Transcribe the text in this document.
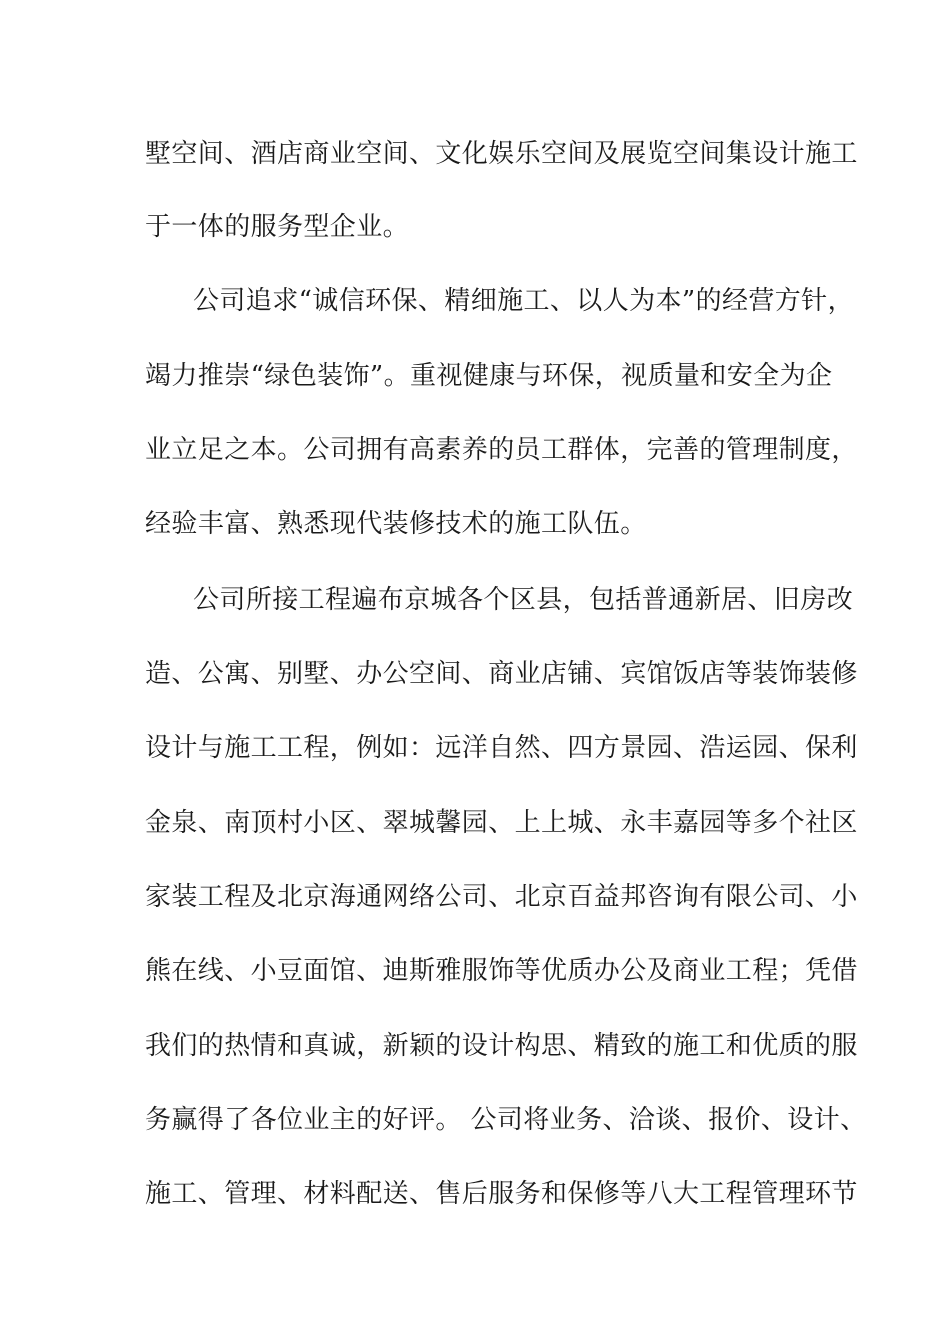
墅空间、酒店商业空间、文化娱乐空间及展览空间集设计施工
于一体的服务型企业。
公司追求“诚信环保、精细施工、以人为本”的经营方针，
竭力推崇“绿色装饰”。重视健康与环保，视质量和安全为企
业立足之本。公司拥有高素养的员工群体，完善的管理制度，
经验丰富、熟悉现代装修技术的施工队伍。
公司所接工程遍布京城各个区县，包括普通新居、旧房改
造、公寓、别墅、办公空间、商业店铺、宾馆饭店等装饰装修
设计与施工工程，例如：远洋自然、四方景园、浩运园、保利
金泉、南顶村小区、翠城馨园、上上城、永丰嘉园等多个社区
家装工程及北京海通网络公司、北京百益邦咨询有限公司、小
熊在线、小豆面馆、迪斯雅服饰等优质办公及商业工程；凭借
我们的热情和真诚，新颖的设计构思、精致的施工和优质的服
务赢得了各位业主的好评。 公司将业务、洽谈、报价、设计、
施工、管理、材料配送、售后服务和保修等八大工程管理环节
